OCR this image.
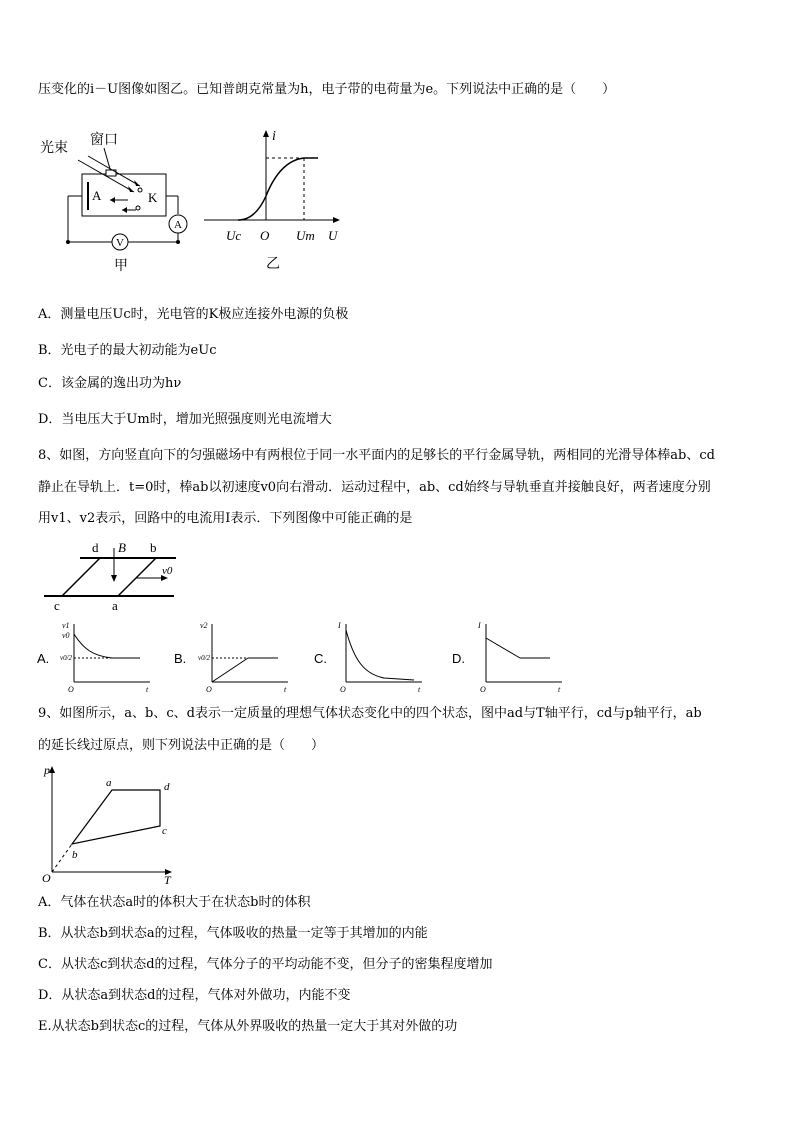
压变化的i－U图像如图乙。已知普朗克常量为h，电子带的电荷量为e。下列说法中正确的是（　　）
光束
窗口
A	K
A
V
甲
i
Uc O Um U
乙
A．测量电压Uc时，光电管的K极应连接外电源的负极
B．光电子的最大初动能为eUc
C．该金属的逸出功为hν
D．当电压大于Um时，增加光照强度则光电流增大
8、如图，方向竖直向下的匀强磁场中有两根位于同一水平面内的足够长的平行金属导轨，两相同的光滑导体棒ab、cd
静止在导轨上．t=0时，棒ab以初速度v0向右滑动．运动过程中，ab、cd始终与导轨垂直并接触良好，两者速度分别
用v1、v2表示，回路中的电流用I表示．下列图像中可能正确的是
d B b
c	a
v0
A.
v1
v0
v0/2
t
O
B.
v2
v0/2
t
O
C.
I
t
O
D.
I
t
O
9、如图所示，a、b、c、d表示一定质量的理想气体状态变化中的四个状态，图中ad与T轴平行，cd与p轴平行，ab
的延长线过原点，则下列说法中正确的是（　　）
p
T
O
a	d
c
b
A．气体在状态a时的体积大于在状态b时的体积
B．从状态b到状态a的过程，气体吸收的热量一定等于其增加的内能
C．从状态c到状态d的过程，气体分子的平均动能不变，但分子的密集程度增加
D．从状态a到状态d的过程，气体对外做功，内能不变
E.从状态b到状态c的过程，气体从外界吸收的热量一定大于其对外做的功
